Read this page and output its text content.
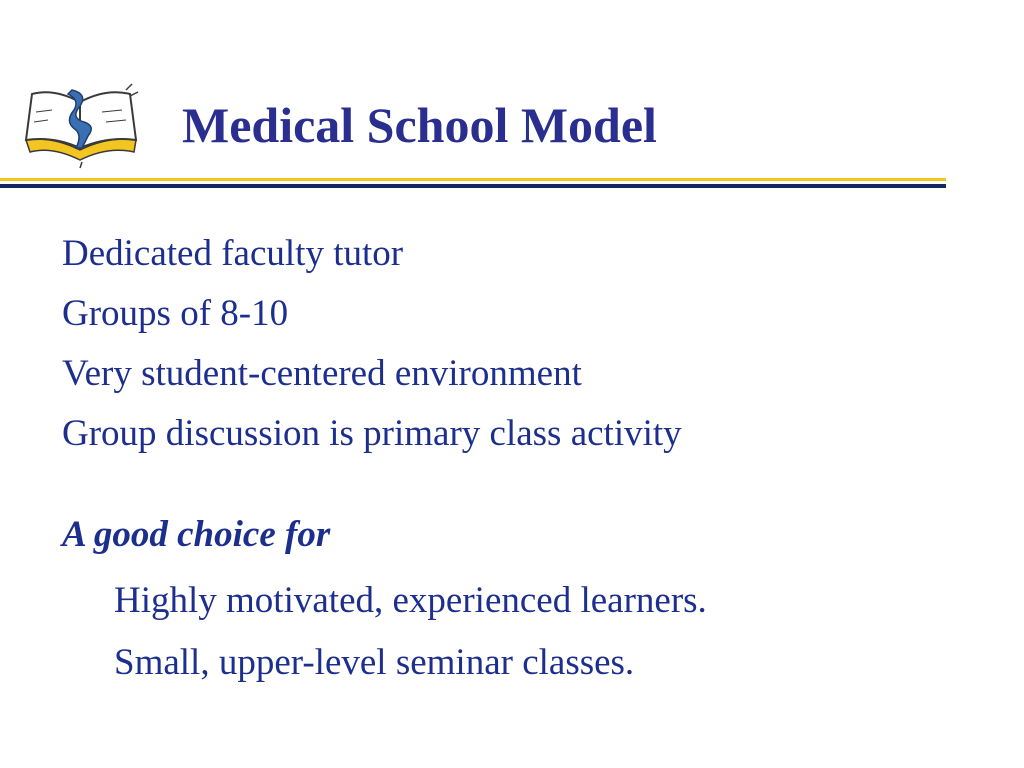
Medical School Model
Dedicated faculty tutor
Groups of 8-10
Very student-centered environment
Group discussion is primary class activity

A good choice for

Highly motivated, experienced learners.
Small, upper-level seminar classes.
